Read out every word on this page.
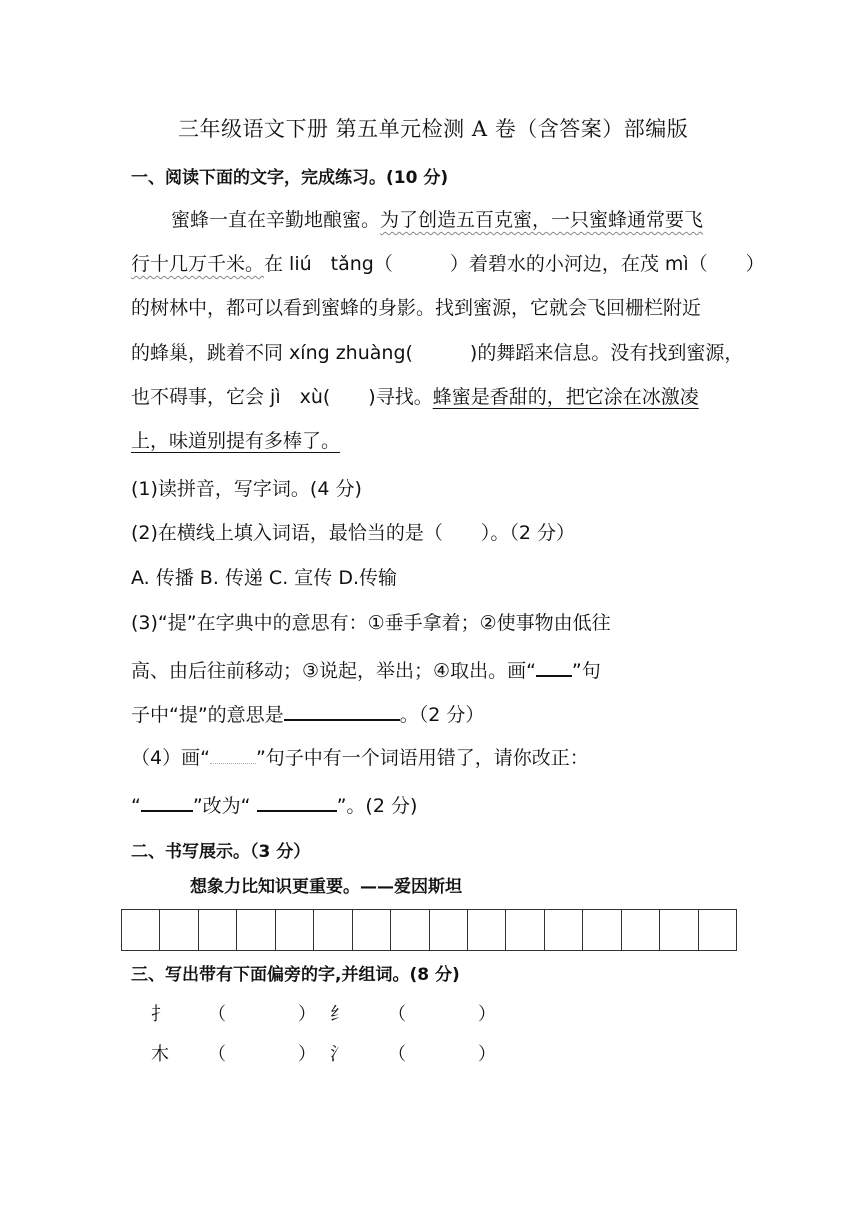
三年级语文下册 第五单元检测 A 卷（含答案）部编版
一、阅读下面的文字，完成练习。(10 分)
蜜蜂一直在辛勤地酿蜜。为了创造五百克蜜，一只蜜蜂通常要飞
行十几万千米。在 liú　tǎng（　　　）着碧水的小河边，在茂 mì（　　）
的树林中，都可以看到蜜蜂的身影。找到蜜源，它就会飞回栅栏附近
的蜂巢，跳着不同 xíng zhuàng(　　　)的舞蹈来信息。没有找到蜜源，
也不碍事，它会 jì　xù(　　)寻找。蜂蜜是香甜的，把它涂在冰激凌
上，味道别提有多棒了。
(1)读拼音，写字词。(4 分)
(2)在横线上填入词语，最恰当的是（　　）。（2 分）
A. 传播 B. 传递 C. 宣传 D.传输
(3)“提”在字典中的意思有：①垂手拿着；②使事物由低往
高、由后往前移动；③说起，举出；④取出。画“ ”句
子中“提”的意思是	。（2 分）
（4）画“ ”句子中有一个词语用错了，请你改正：
“	”改为“	”。(2 分)
二、书写展示。（3 分）
想象力比知识更重要。——爱因斯坦
三、写出带有下面偏旁的字,并组词。(8 分)
扌 （　　　　） 纟 （　　　　）
木 （　　　　） 氵 （　　　　）
